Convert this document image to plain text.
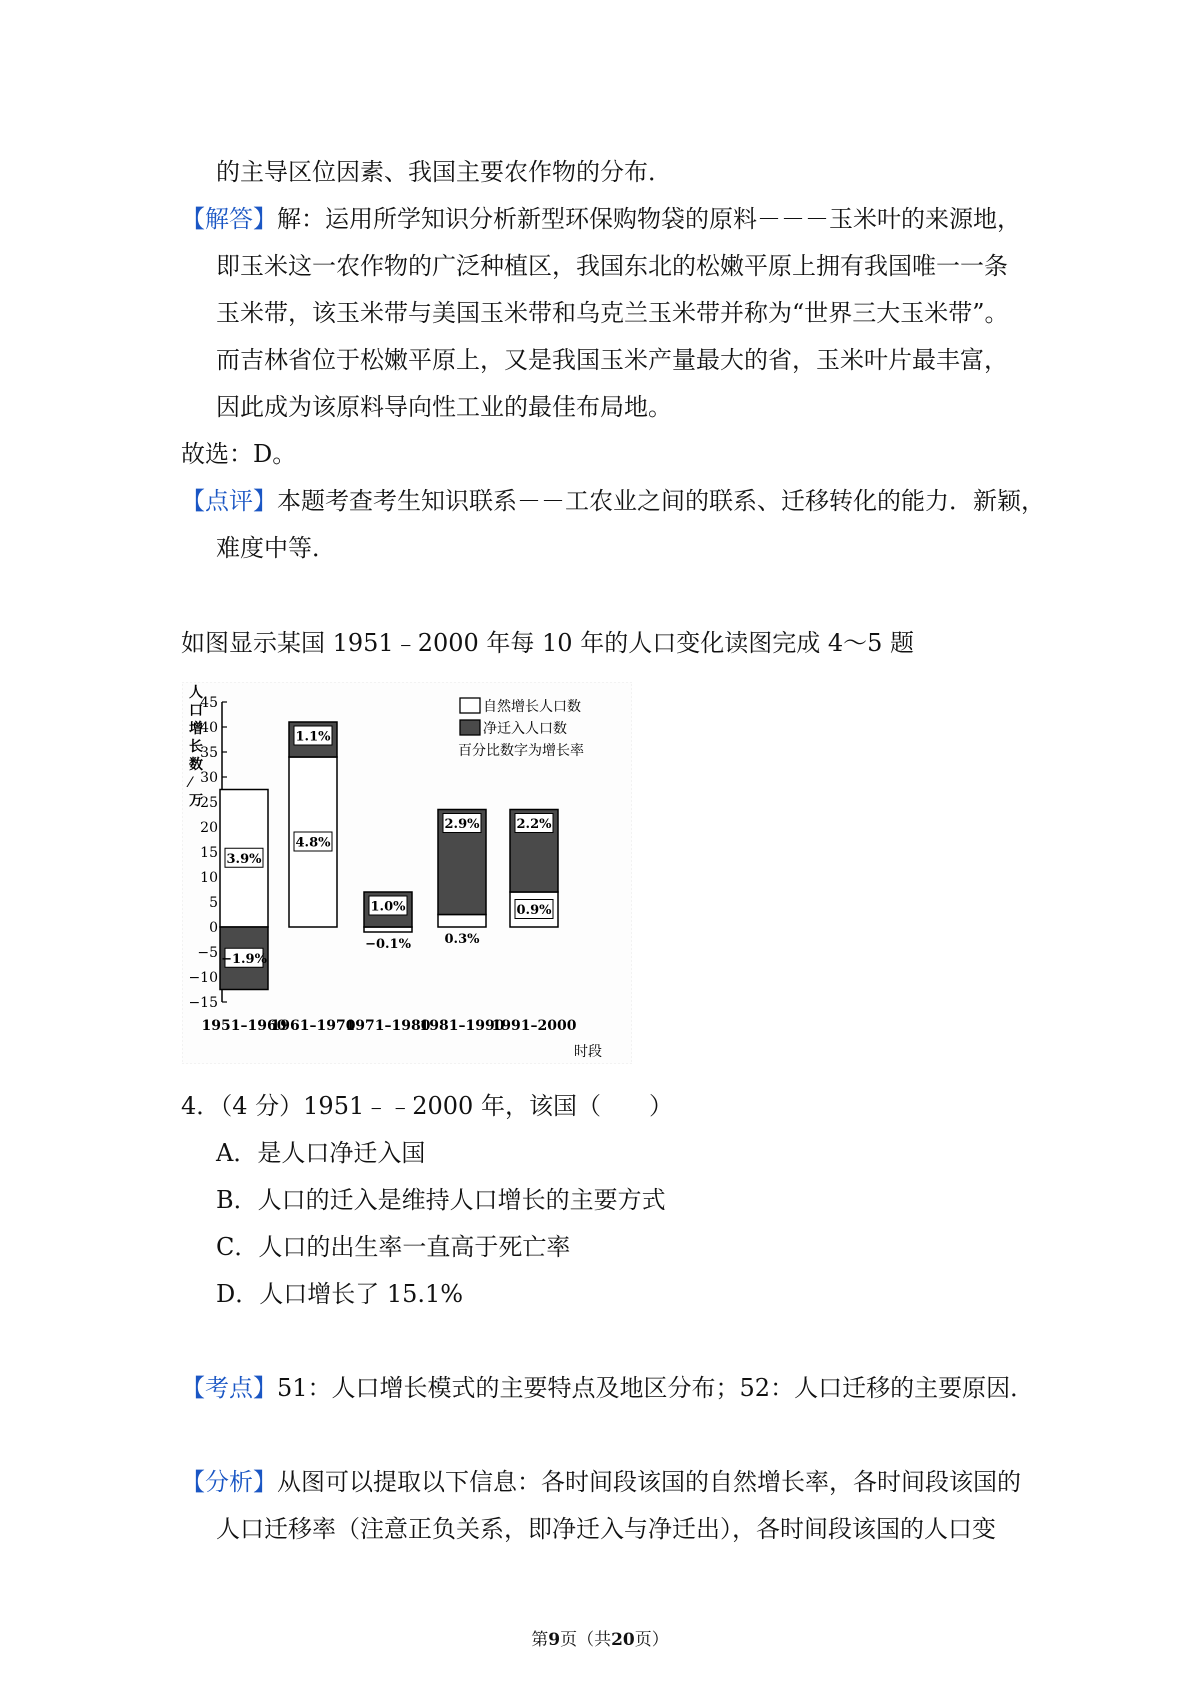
的主导区位因素、我国主要农作物的分布．
【解答】解：运用所学知识分析新型环保购物袋的原料－－－玉米叶的来源地，
即玉米这一农作物的广泛种植区，我国东北的松嫩平原上拥有我国唯一一条
玉米带，该玉米带与美国玉米带和乌克兰玉米带并称为“世界三大玉米带”。
而吉林省位于松嫩平原上，又是我国玉米产量最大的省，玉米叶片最丰富，
因此成为该原料导向性工业的最佳布局地。
故选：D。
【点评】本题考查考生知识联系－－工农业之间的联系、迁移转化的能力．新颖，
难度中等．
如图显示某国 1951﹣2000 年每 10 年的人口变化读图完成 4～5 题
人口增长数⁄万
45
40
35
30
25
20
15
10
5
0
−5
−10
−15
3.9%
−1.9%
4.8%
1.1%
−0.1%
1.0%
0.3%
2.9%
0.9%
2.2%
1951–1960
1961–1970
1971–1980
1981–1990
1991–2000
时段
自然增长人口数
净迁入人口数
百分比数字为增长率
4．（4 分）1951﹣﹣2000 年，该国（　　）
A．是人口净迁入国
B．人口的迁入是维持人口增长的主要方式
C．人口的出生率一直高于死亡率
D．人口增长了 15.1%
【考点】51：人口增长模式的主要特点及地区分布；52：人口迁移的主要原因．
【分析】从图可以提取以下信息：各时间段该国的自然增长率，各时间段该国的
人口迁移率（注意正负关系，即净迁入与净迁出），各时间段该国的人口变
第9页（共20页）
